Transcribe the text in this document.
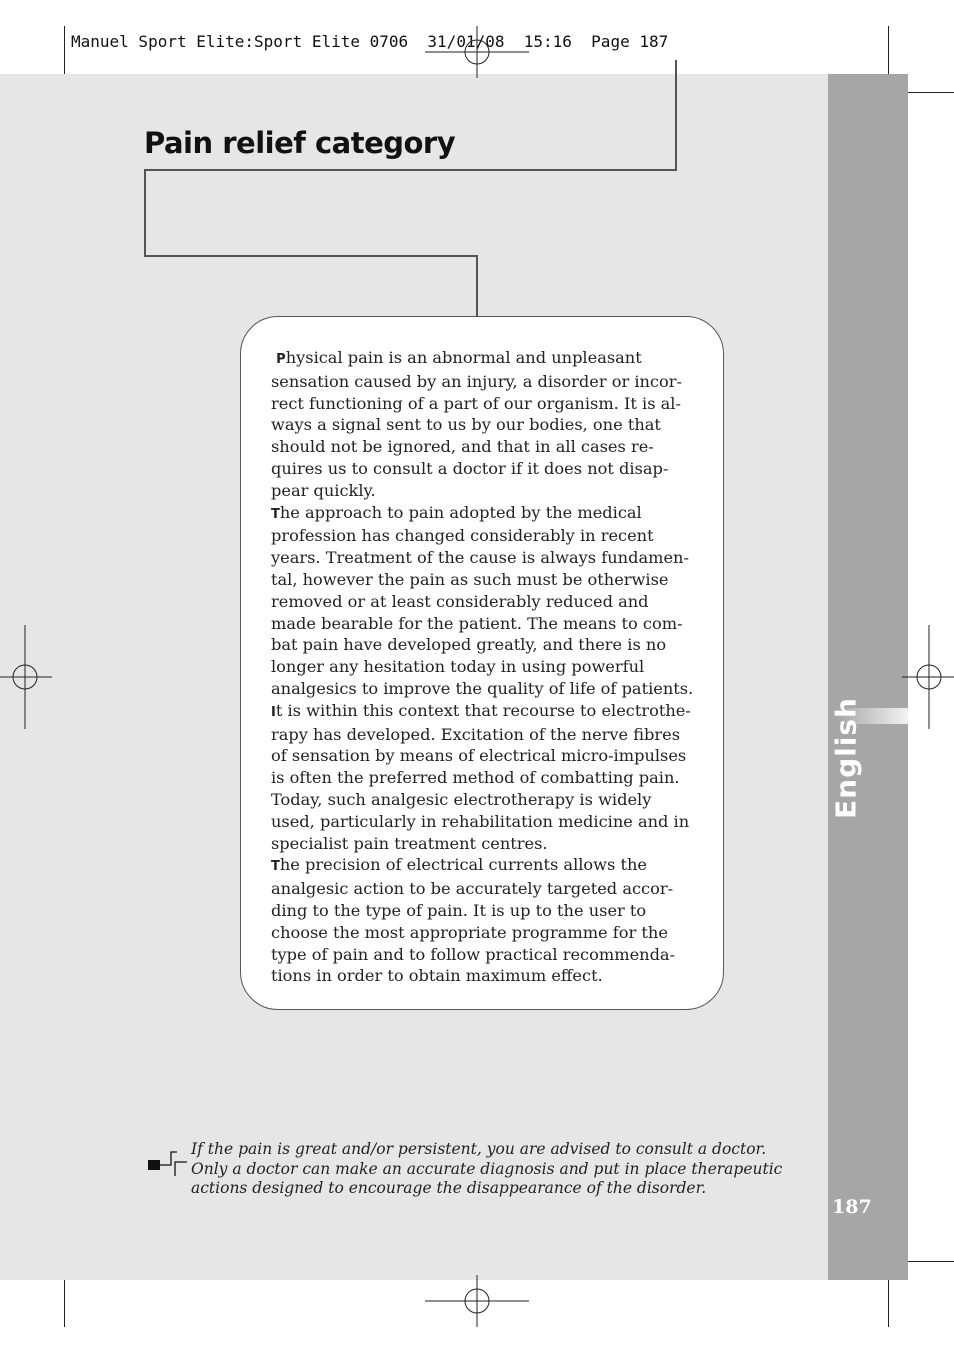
Manuel Sport Elite:Sport Elite 0706  31/01/08  15:16  Page 187
English
187
Pain relief category

Physical pain is an abnormal and unpleasant sensation caused by an injury, a disorder or incor-rect functioning of a part of our organism. It is al-ways a signal sent to us by our bodies, one that should not be ignored, and that in all cases re-quires us to consult a doctor if it does not disap-pear quickly.

The approach to pain adopted by the medical profession has changed considerably in recent years. Treatment of the cause is always fundamen-tal, however the pain as such must be otherwise removed or at least considerably reduced and made bearable for the patient. The means to com-bat pain have developed greatly, and there is no longer any hesitation today in using powerful analgesics to improve the quality of life of patients.

It is within this context that recourse to electrothe-rapy has developed. Excitation of the nerve fibres of sensation by means of electrical micro-impulses is often the preferred method of combatting pain. Today, such analgesic electrotherapy is widely used, particularly in rehabilitation medicine and in specialist pain treatment centres.

The precision of electrical currents allows the analgesic action to be accurately targeted accor-ding to the type of pain. It is up to the user to choose the most appropriate programme for the type of pain and to follow practical recommenda-tions in order to obtain maximum effect.

If the pain is great and/or persistent, you are advised to consult a doctor. Only a doctor can make an accurate diagnosis and put in place therapeutic actions designed to encourage the disappearance of the disorder.
